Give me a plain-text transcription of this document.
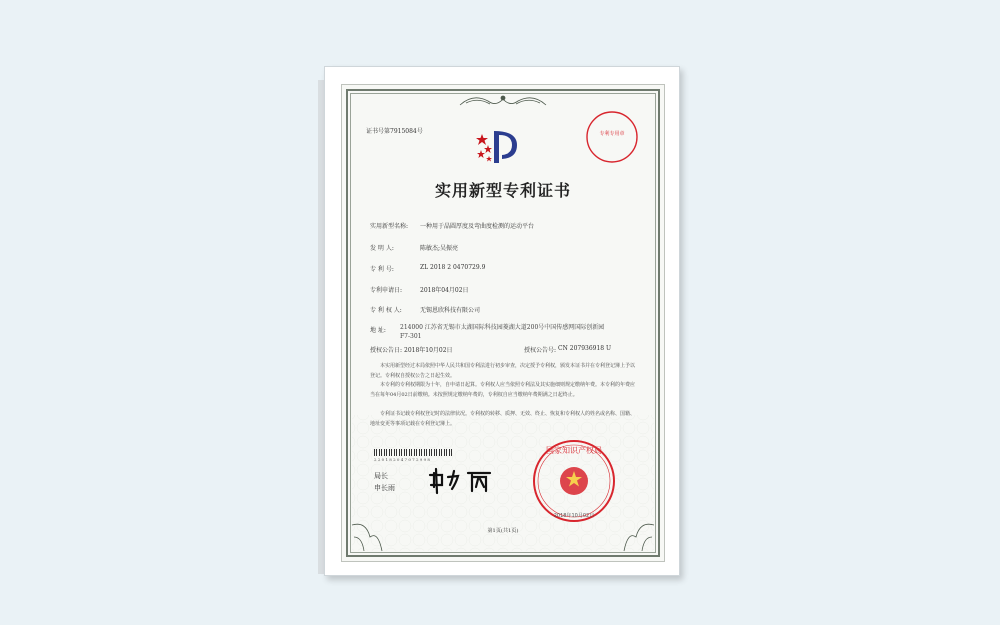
证书号第7915084号	专利专用章
实用新型专利证书
实用新型名称: 一种用于晶圆厚度及弯曲度检测的运动平台
发 明 人:	陈敏杰;吴振亮
专 利 号:	ZL 2018 2 0470729.9
专利申请日:	2018年04月02日
专 利 权 人:	无锡恩欣科技有限公司
地 址: 214000 江苏省无锡市太湖国际科技园菱湖大道200号中国传感网国际创新园F7-301
授权公告日: 2018年10月02日	授权公告号: CN 207936918 U
本实用新型经过本局依照中华人民共和国专利法进行初步审查，决定授予专利权，颁发本证书并在专利登记簿上予以登记。专利权自授权公告之日起生效。
本专利的专利权期限为十年，自申请日起算。专利权人应当依照专利法及其实施细则规定缴纳年费。本专利的年费应当在每年04月02日前缴纳。未按照规定缴纳年费的，专利权自应当缴纳年费期满之日起终止。
专利证书记载专利权登记时的法律状况。专利权的转移、质押、无效、终止、恢复和专利权人的姓名或名称、国籍、地址变更等事项记载在专利登记簿上。
2 2 0 1 8 2 0 4 7 0 7 2 9 9 8
局长
申长雨
国家知识产权局
2018年10月02日
第1页(共1页)
